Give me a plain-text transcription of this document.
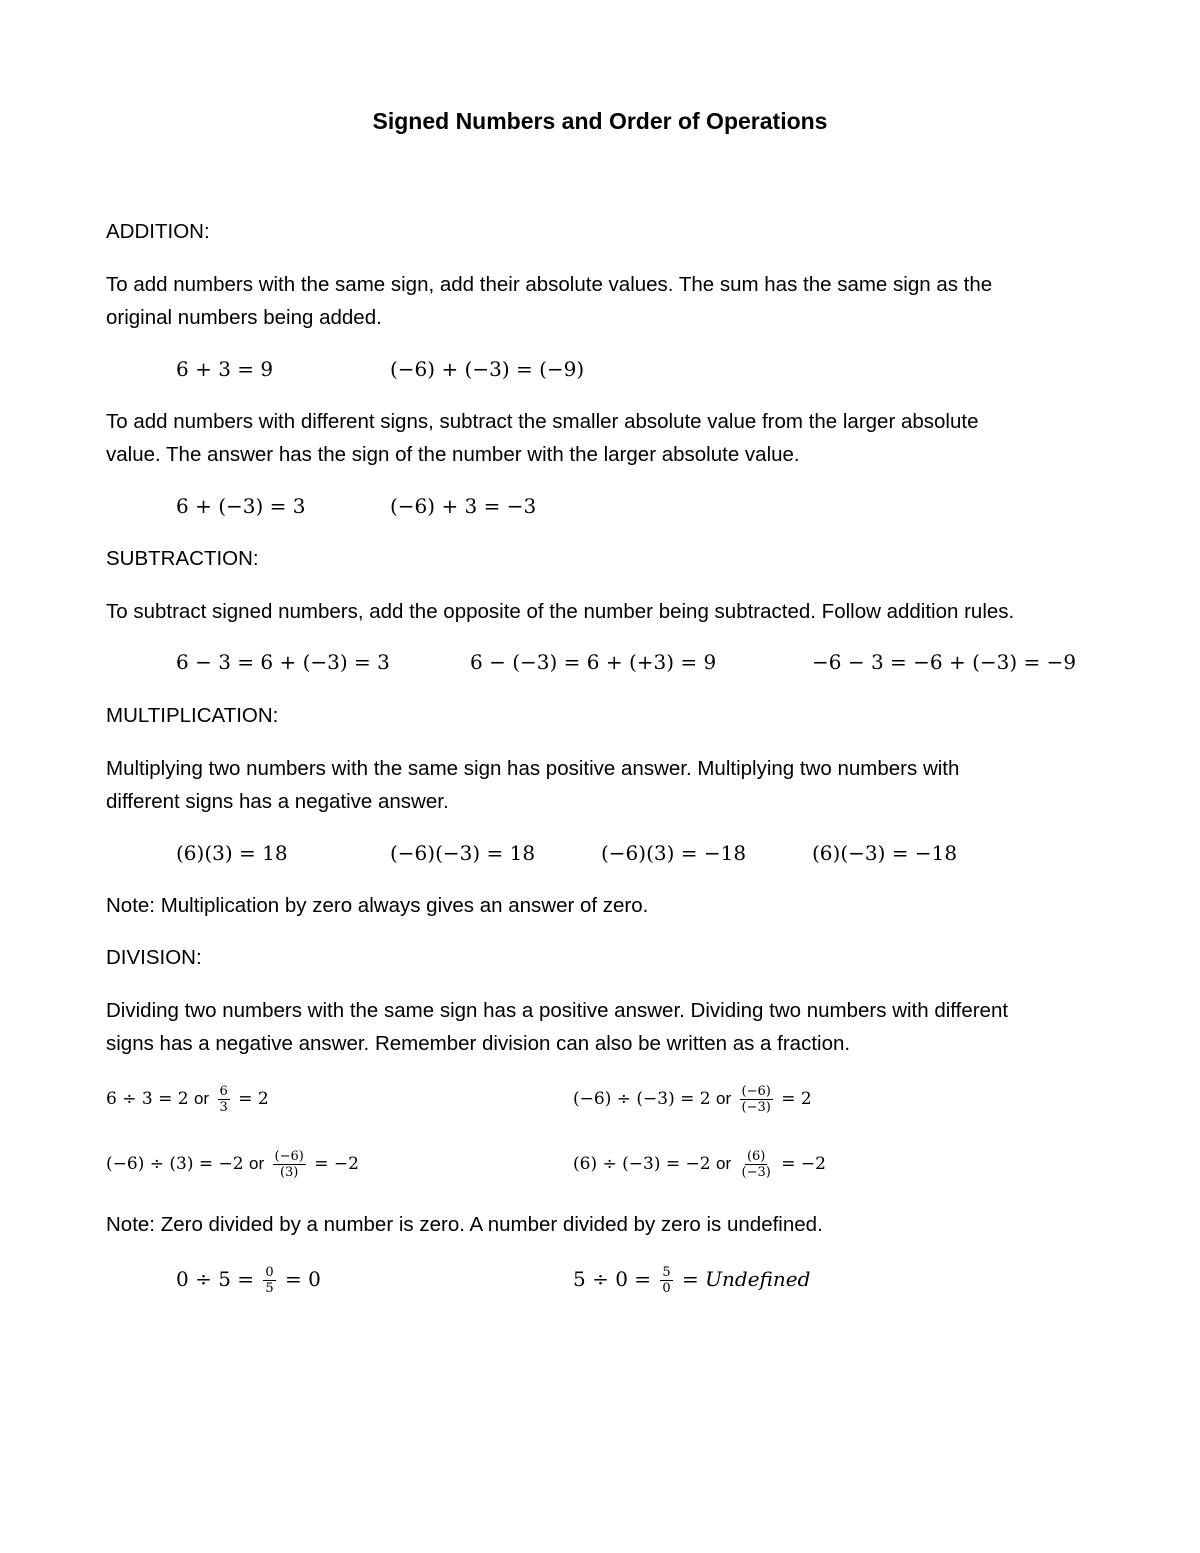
Signed Numbers and Order of Operations
ADDITION:
To add numbers with the same sign, add their absolute values. The sum has the same sign as the
original numbers being added.
6 + 3 = 9	(−6) + (−3) = (−9)
To add numbers with different signs, subtract the smaller absolute value from the larger absolute
value. The answer has the sign of the number with the larger absolute value.
6 + (−3) = 3	(−6) + 3 = −3
SUBTRACTION:
To subtract signed numbers, add the opposite of the number being subtracted. Follow addition rules.
6 − 3 = 6 + (−3) = 3	6 − (−3) = 6 + (+3) = 9	−6 − 3 = −6 + (−3) = −9
MULTIPLICATION:
Multiplying two numbers with the same sign has positive answer. Multiplying two numbers with
different signs has a negative answer.
(6)(3) = 18	(−6)(−3) = 18	(−6)(3) = −18	(6)(−3) = −18
Note: Multiplication by zero always gives an answer of zero.
DIVISION:
Dividing two numbers with the same sign has a positive answer. Dividing two numbers with different
signs has a negative answer. Remember division can also be written as a fraction.
6 ÷ 3 = 2 or $\frac{6}{3} = 2$	(−6) ÷ (−3) = 2 or $\frac{(-6)}{(-3)} = 2$
(−6) ÷ (3) = −2 or $\frac{(-6)}{(3)} = -2$	(6) ÷ (−3) = −2 or $\frac{(6)}{(-3)} = -2$
Note: Zero divided by a number is zero. A number divided by zero is undefined.
$0 \div 5 = \frac{0}{5} = 0$	$5 \div 0 = \frac{5}{0}$ = Undefined
